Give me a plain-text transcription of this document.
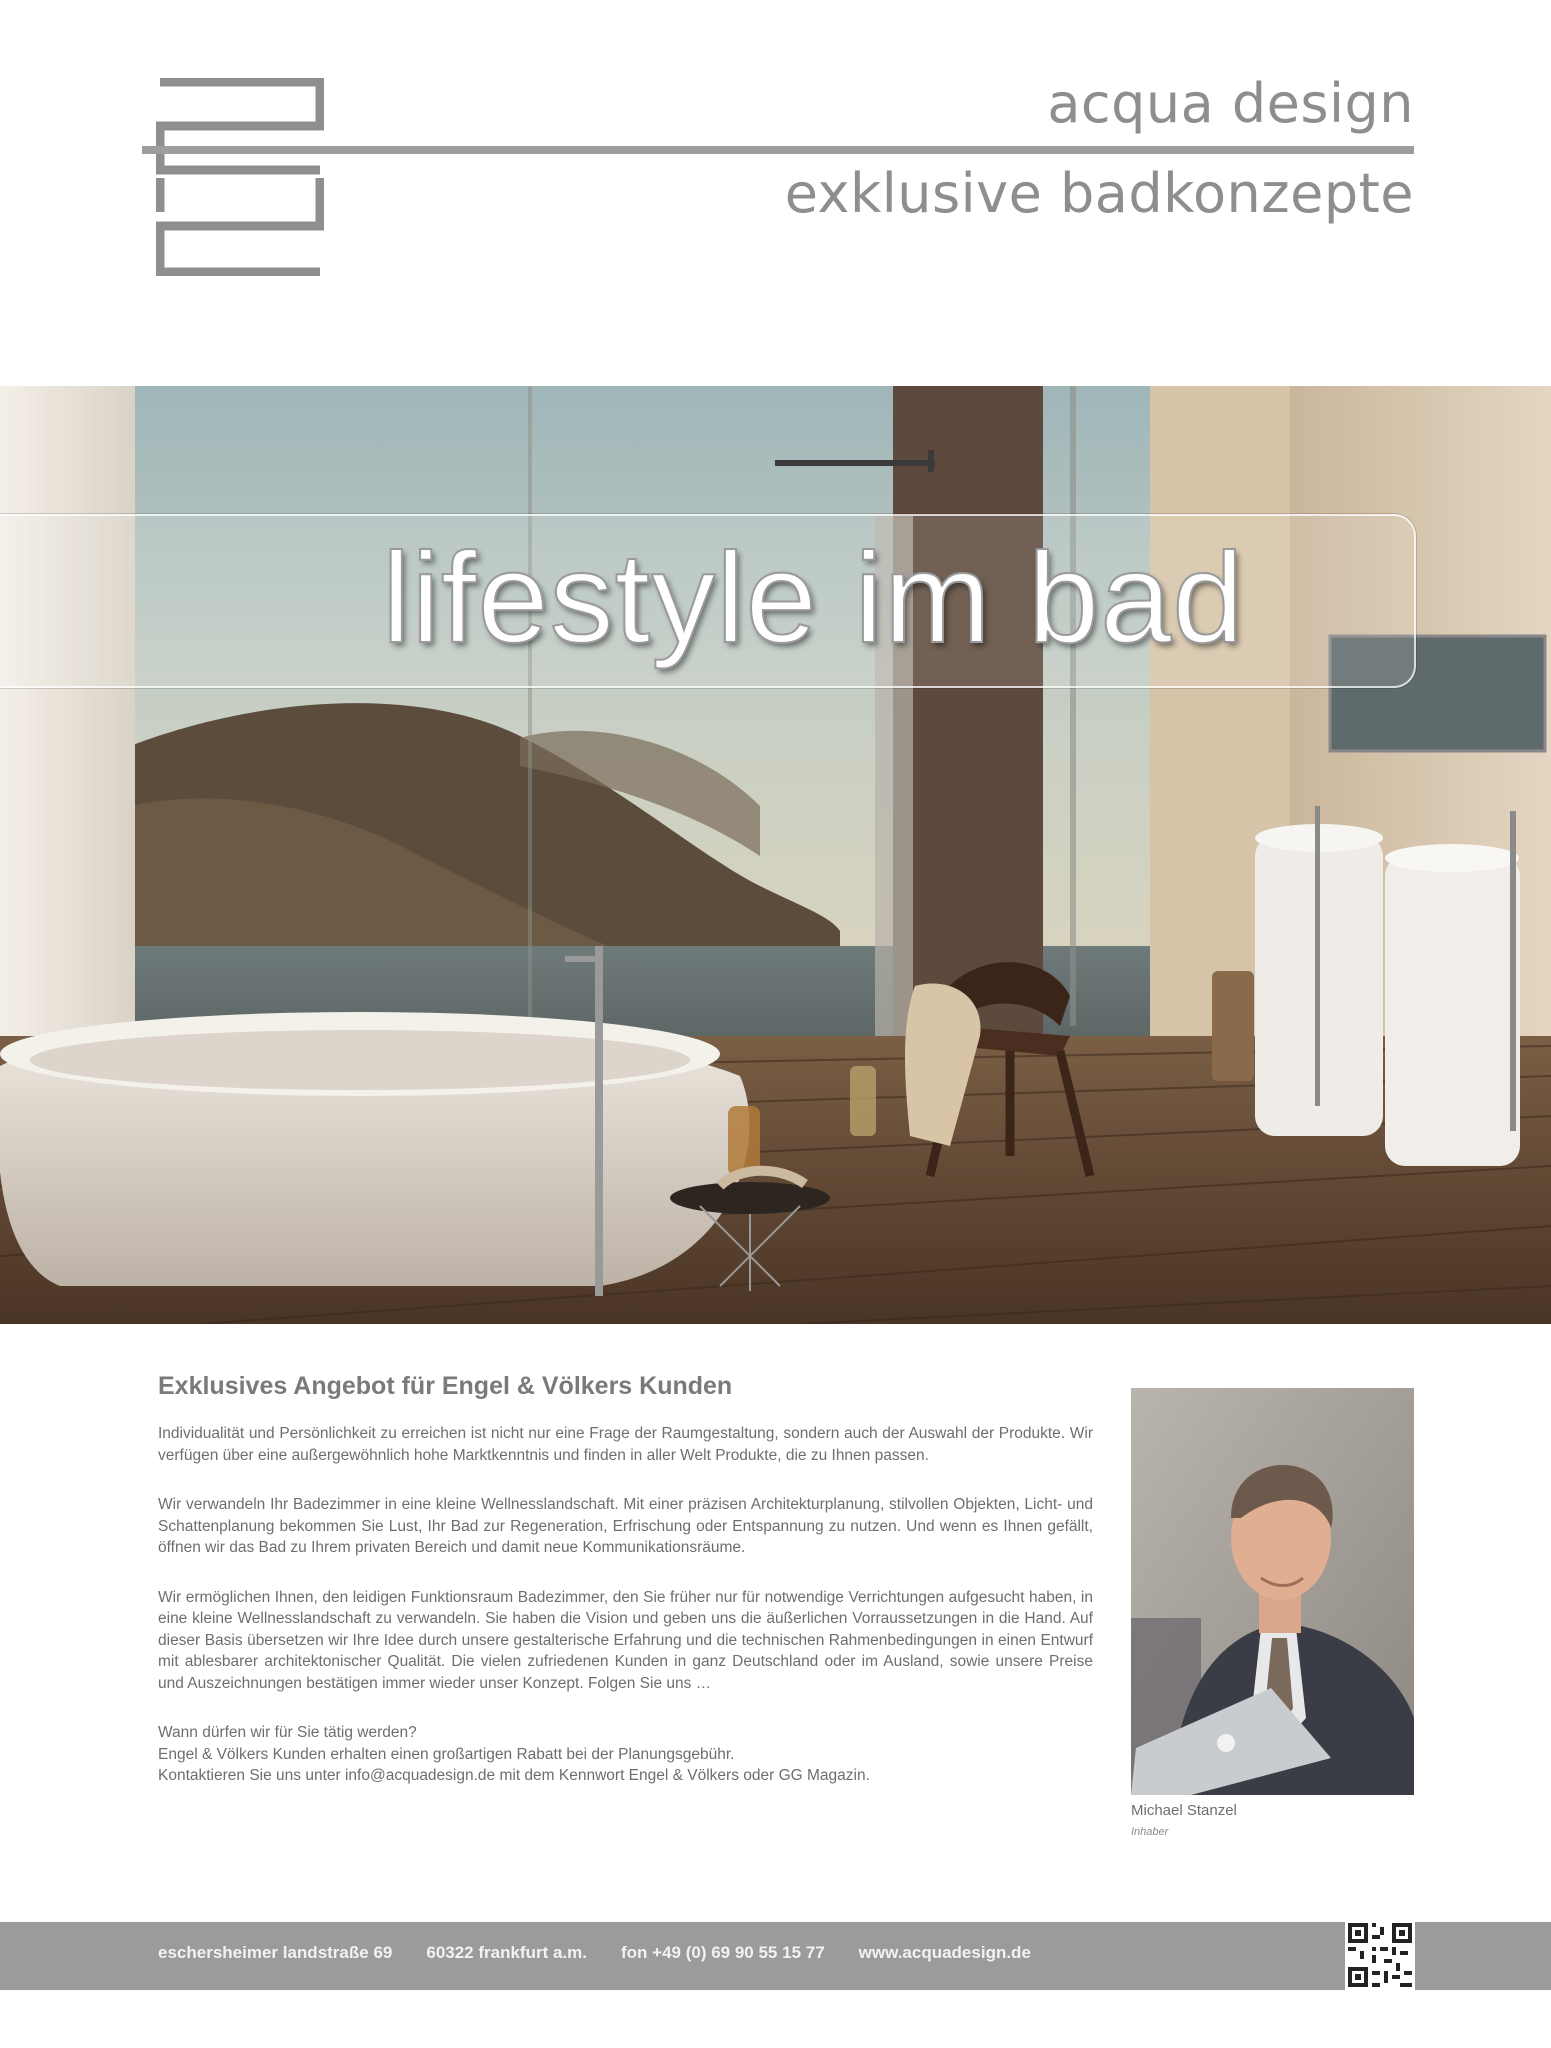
acqua design
exklusive badkonzepte
lifestyle im bad
Exklusives Angebot für Engel & Völkers Kunden

Individualität und Persönlichkeit zu erreichen ist nicht nur eine Frage der Raumgestaltung, sondern auch der Auswahl der Produkte. Wir verfügen über eine außergewöhnlich hohe Marktkenntnis und finden in aller Welt Produkte, die zu Ihnen passen.

Wir verwandeln Ihr Badezimmer in eine kleine Wellnesslandschaft. Mit einer präzisen Architekturplanung, stilvollen Objekten, Licht- und Schattenplanung bekommen Sie Lust, Ihr Bad zur Regeneration, Erfrischung oder Entspannung zu nutzen. Und wenn es Ihnen gefällt, öffnen wir das Bad zu Ihrem privaten Bereich und damit neue Kommunikationsräume.

Wir ermöglichen Ihnen, den leidigen Funktionsraum Badezimmer, den Sie früher nur für notwendige Verrichtungen aufgesucht haben, in eine kleine Wellnesslandschaft zu verwandeln. Sie haben die Vision und geben uns die äußerlichen Vorraussetzungen in die Hand. Auf dieser Basis übersetzen wir Ihre Idee durch unsere gestalterische Erfahrung und die technischen Rahmenbedingungen in einen Entwurf mit ablesbarer architektonischer Qualität. Die vielen zufriedenen Kunden in ganz Deutschland oder im Ausland, sowie unsere Preise und Auszeichnungen bestätigen immer wieder unser Konzept. Folgen Sie uns …

Wann dürfen wir für Sie tätig werden?
Engel & Völkers Kunden erhalten einen großartigen Rabatt bei der Planungsgebühr.
Kontaktieren Sie uns unter info@acquadesign.de mit dem Kennwort Engel & Völkers oder GG Magazin.

Michael Stanzel
Inhaber
eschersheimer landstraße 69 60322 frankfurt a.m. fon +49 (0) 69 90 55 15 77 www.acquadesign.de
